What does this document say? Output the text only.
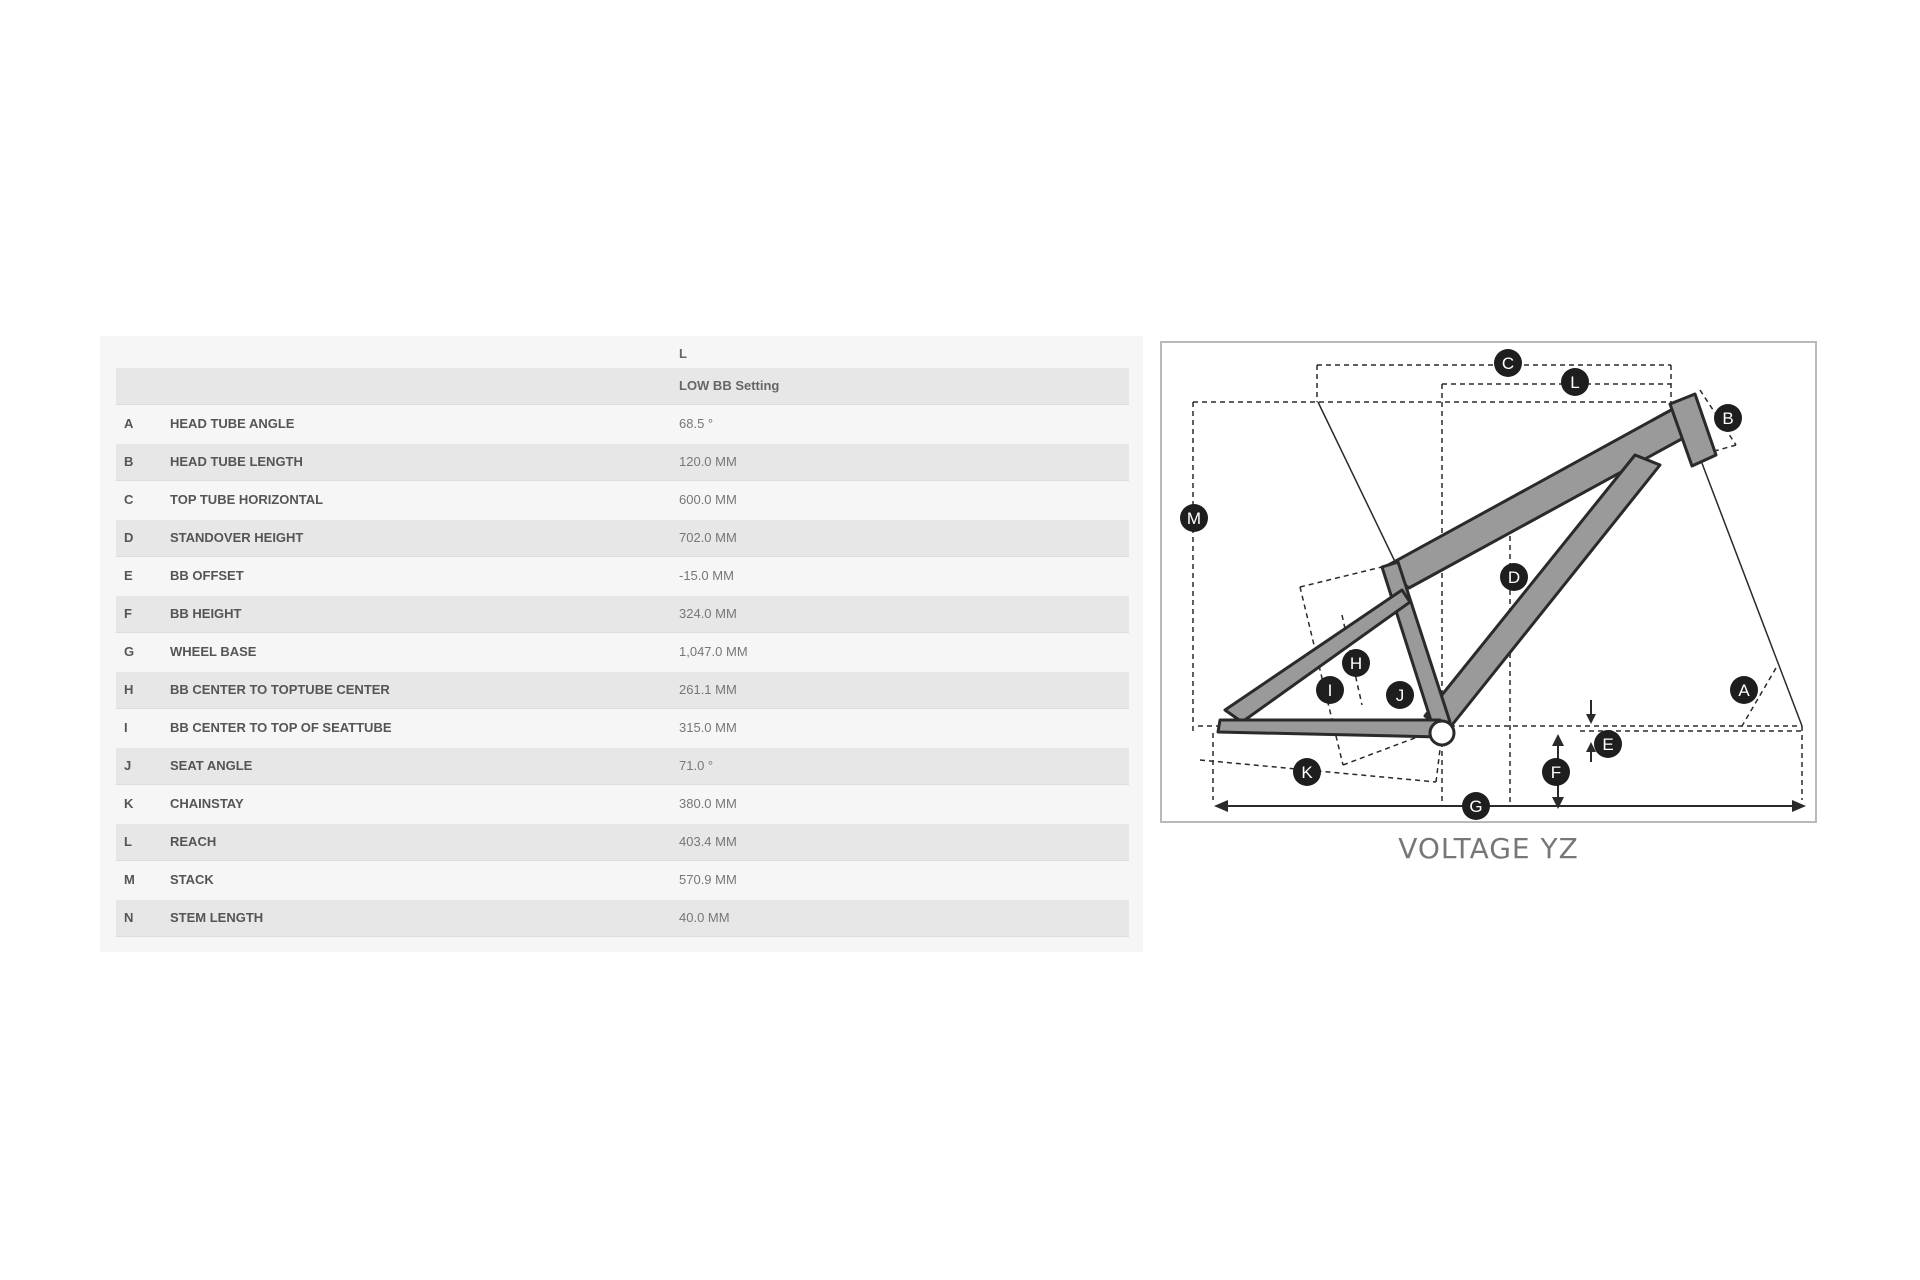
L
LOW BB Setting
A	HEAD TUBE ANGLE	68.5 °
B	HEAD TUBE LENGTH	120.0 MM
C	TOP TUBE HORIZONTAL	600.0 MM
D	STANDOVER HEIGHT	702.0 MM
E	BB OFFSET	-15.0 MM
F	BB HEIGHT	324.0 MM
G	WHEEL BASE	1,047.0 MM
H	BB CENTER TO TOPTUBE CENTER	261.1 MM
I	BB CENTER TO TOP OF SEATTUBE	315.0 MM
J	SEAT ANGLE	71.0 °
K	CHAINSTAY	380.0 MM
L	REACH	403.4 MM
M	STACK	570.9 MM
N	STEM LENGTH	40.0 MM
C
L
B
M
D
H
I	J	A
E
K	F
G
VOLTAGE YZ
